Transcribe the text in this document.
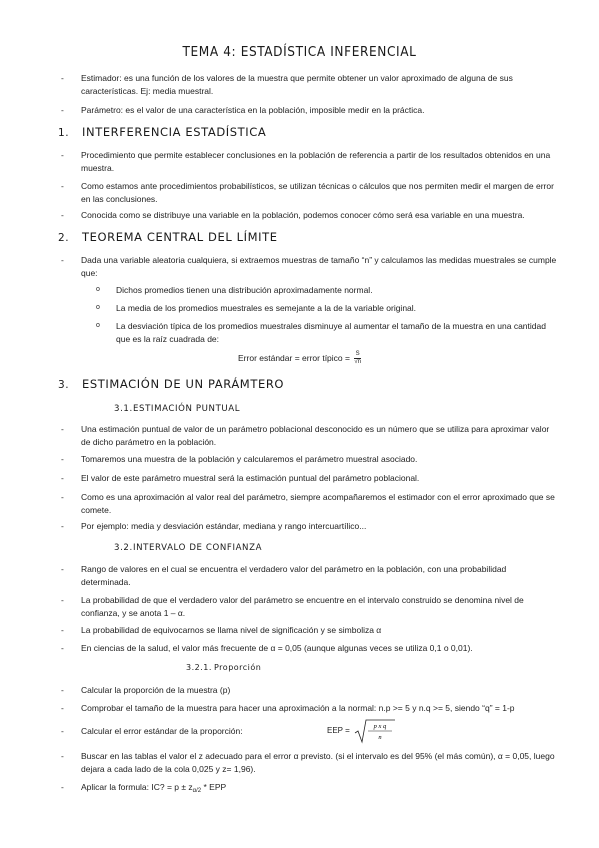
TEMA 4: ESTADÍSTICA INFERENCIAL
- Estimador: es una función de los valores de la muestra que permite obtener un valor aproximado de alguna de sus características. Ej: media muestral.
- Parámetro: es el valor de una característica en la población, imposible medir en la práctica.
1. INTERFERENCIA ESTADÍSTICA
- Procedimiento que permite establecer conclusiones en la población de referencia a partir de los resultados obtenidos en una muestra.
- Como estamos ante procedimientos probabilísticos, se utilizan técnicas o cálculos que nos permiten medir el margen de error en las conclusiones.
- Conocida como se distribuye una variable en la población, podemos conocer cómo será esa variable en una muestra.
2. TEOREMA CENTRAL DEL LÍMITE
- Dada una variable aleatoria cualquiera, si extraemos muestras de tamaño “n” y calculamos las medidas muestrales se cumple que:
o Dichos promedios tienen una distribución aproximadamente normal.
o La media de los promedios muestrales es semejante a la de la variable original.
o La desviación típica de los promedios muestrales disminuye al aumentar el tamaño de la muestra en una cantidad que es la raíz cuadrada de:
Error estándar = error típico = $\frac{S}{√n}$
3. ESTIMACIÓN DE UN PARÁMTERO
3.1.ESTIMACIÓN PUNTUAL
- Una estimación puntual de valor de un parámetro poblacional desconocido es un número que se utiliza para aproximar valor de dicho parámetro en la población.
- Tomaremos una muestra de la población y calcularemos el parámetro muestral asociado.
- El valor de este parámetro muestral será la estimación puntual del parámetro poblacional.
- Como es una aproximación al valor real del parámetro, siempre acompañaremos el estimador con el error aproximado que se comete.
- Por ejemplo: media y desviación estándar, mediana y rango intercuartílico...
3.2.INTERVALO DE CONFIANZA
- Rango de valores en el cual se encuentra el verdadero valor del parámetro en la población, con una probabilidad determinada.
- La probabilidad de que el verdadero valor del parámetro se encuentre en el intervalo construido se denomina nivel de confianza, y se anota 1 – α.
- La probabilidad de equivocarnos se llama nivel de significación y se simboliza α
- En ciencias de la salud, el valor más frecuente de α = 0,05 (aunque algunas veces se utiliza 0,1 o 0,01).
3.2.1. Proporción
- Calcular la proporción de la muestra (p)
- Comprobar el tamaño de la muestra para hacer una aproximación a la normal: n.p >= 5 y n.q >= 5, siendo “q” = 1-p
- Calcular el error estándar de la proporción:	EEP =	p x q
n
- Buscar en las tablas el valor el z adecuado para el error α previsto. (si el intervalo es del 95% (el más común), α = 0,05, luego dejara a cada lado de la cola 0,025 y z= 1,96).
- Aplicar la formula: IC? = $p \pm z_{\alpha/2}$ * EPP
